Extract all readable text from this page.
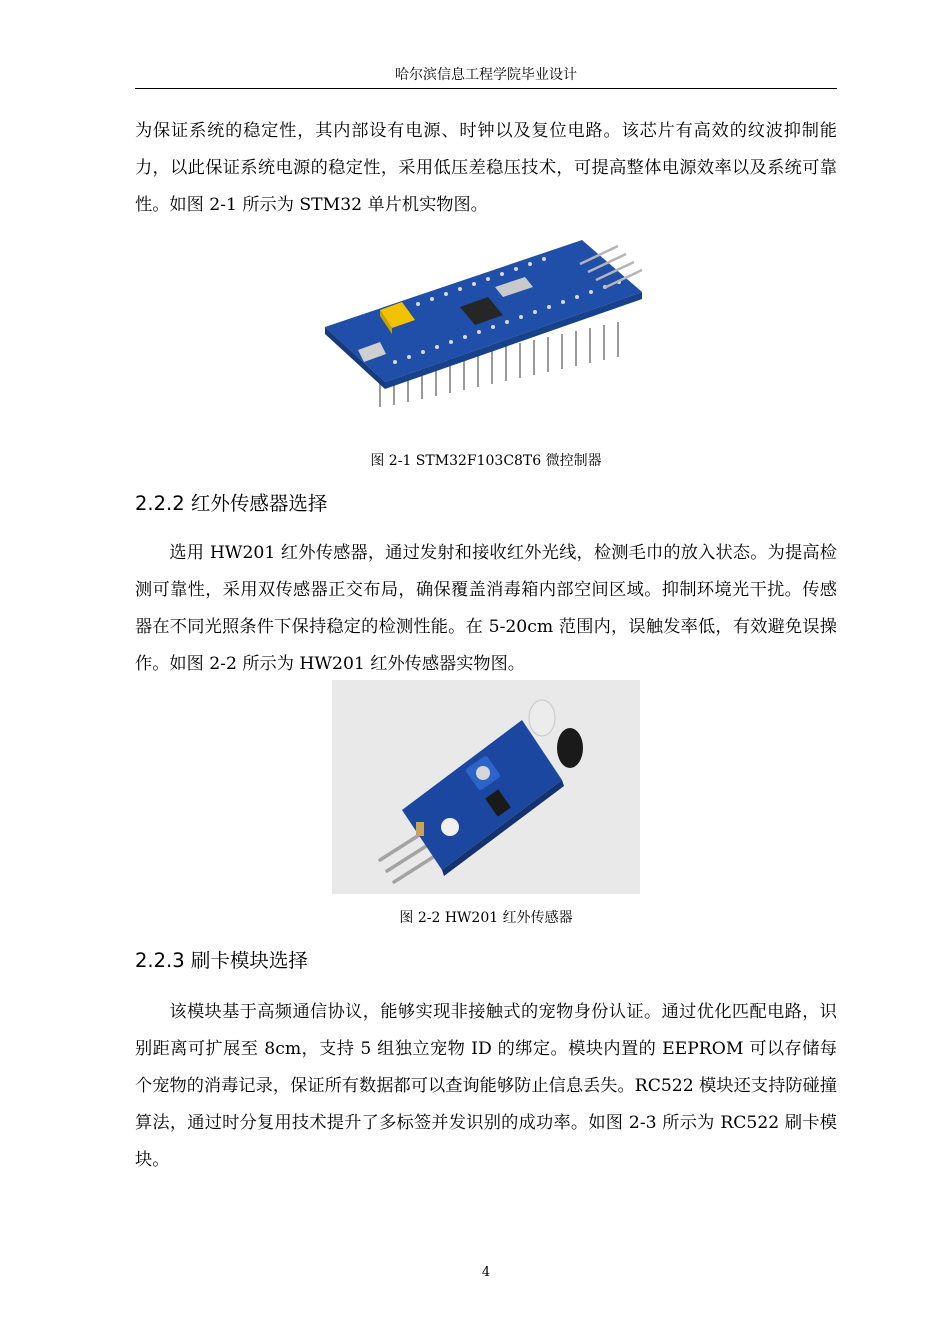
哈尔滨信息工程学院毕业设计

为保证系统的稳定性，其内部设有电源、时钟以及复位电路。该芯片有高效的纹波抑制能力，以此保证系统电源的稳定性，采用低压差稳压技术，可提高整体电源效率以及系统可靠性。如图 2-1 所示为 STM32 单片机实物图。

图 2-1 STM32F103C8T6 微控制器
2.2.2 红外传感器选择

选用 HW201 红外传感器，通过发射和接收红外光线，检测毛巾的放入状态。为提高检测可靠性，采用双传感器正交布局，确保覆盖消毒箱内部空间区域。抑制环境光干扰。传感器在不同光照条件下保持稳定的检测性能。在 5-20cm 范围内，误触发率低，有效避免误操作。如图 2-2 所示为 HW201 红外传感器实物图。

图 2-2 HW201 红外传感器
2.2.3 刷卡模块选择

该模块基于高频通信协议，能够实现非接触式的宠物身份认证。通过优化匹配电路，识别距离可扩展至 8cm，支持 5 组独立宠物 ID 的绑定。模块内置的 EEPROM 可以存储每个宠物的消毒记录，保证所有数据都可以查询能够防止信息丢失。RC522 模块还支持防碰撞算法，通过时分复用技术提升了多标签并发识别的成功率。如图 2-3 所示为 RC522 刷卡模块。

4
